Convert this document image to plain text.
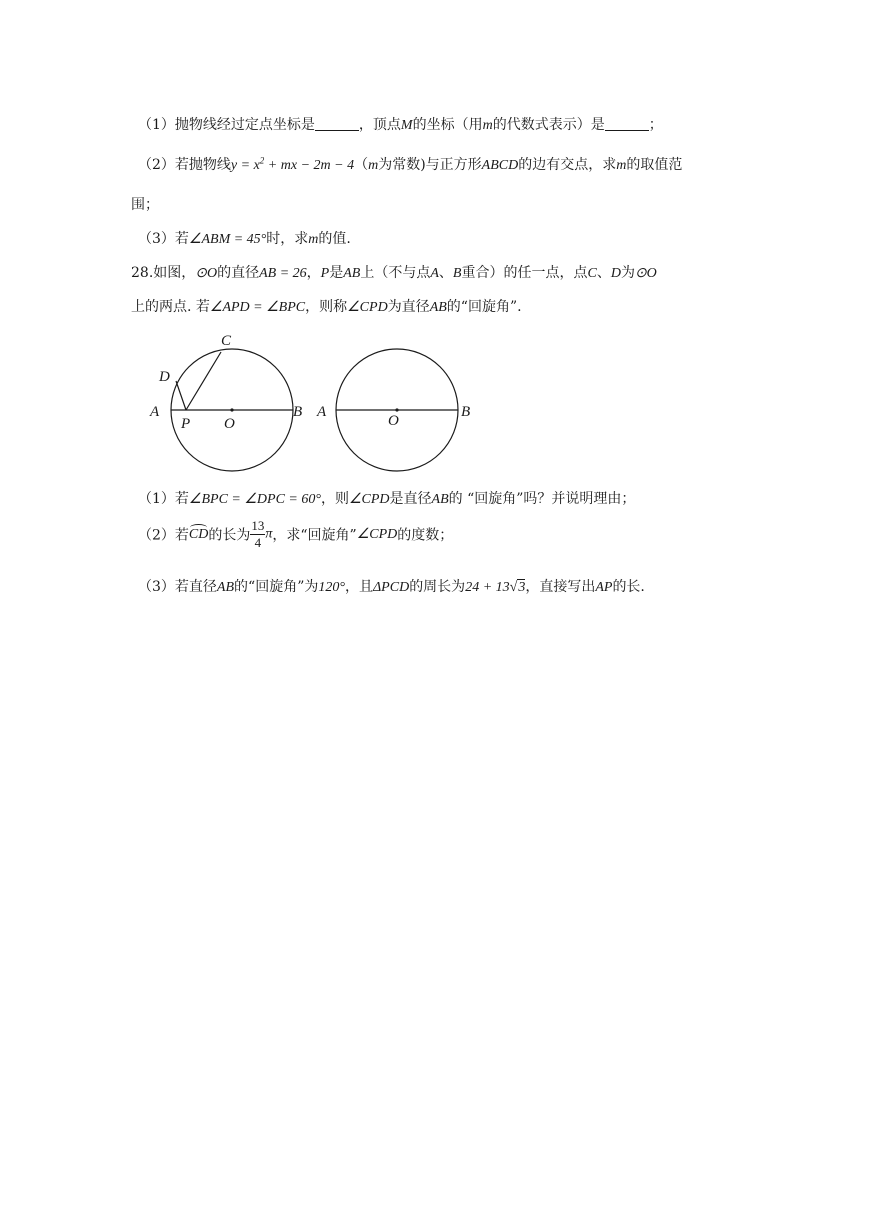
（1）抛物线经过定点坐标是	，顶点M的坐标（用m的代数式表示）是	；
（2）若抛物线$y = x^2$ + mx − 2m − 4（m为常数)与正方形ABCD的边有交点，求m的取值范
围；
（3）若∠ABM = 45°时，求m的值.
28.如图，⊙O的直径AB = 26，P是AB上（不与点A、B重合）的任一点，点C、D为⊙O
上的两点. 若∠APD = ∠BPC，则称∠CPD为直径AB的“回旋角”.
A	B
C
D
P O
A	B
O
（1）若∠BPC = ∠DPC = 60°，则∠CPD是直径AB的 “回旋角”吗？并说明理由；
（2）若CD的长为 $\frac{13}{4}$ π，求“回旋角”∠CPD的度数；
（3）若直径AB的“回旋角”为120°，且ΔPCD的周长为24 + 13√3，直接写出AP的长.
